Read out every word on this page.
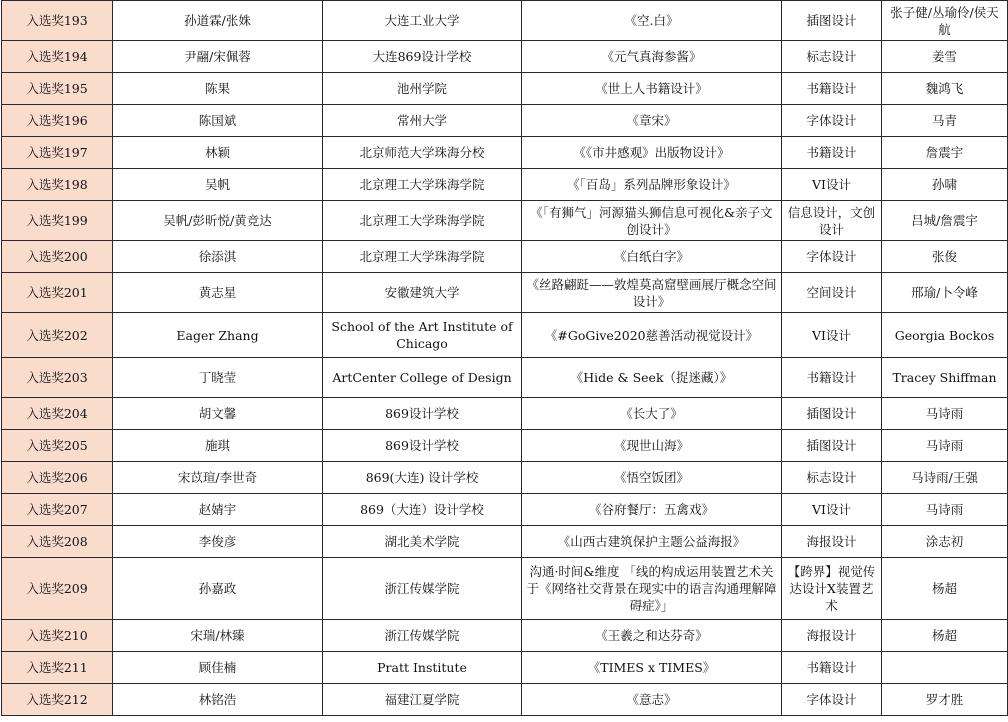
入选奖193	孙道霖/张姝	大连工业大学	《空.白》	插图设计	张子健/丛瑜伶/侯天航
入选奖194	尹翮/宋佩蓉	大连869设计学校	《元气真海参酱》	标志设计	姜雪
入选奖195	陈果	池州学院	《世上人书籍设计》	书籍设计	魏鸿飞
入选奖196	陈国斌	常州大学	《章宋》	字体设计	马青
入选奖197	林颖	北京师范大学珠海分校	《《市井感观》出版物设计》	书籍设计	詹震宇
入选奖198	吴帆	北京理工大学珠海学院	《「百岛」系列品牌形象设计》	VI设计	孙啸
入选奖199	吴帆/彭昕悦/黄竞达	北京理工大学珠海学院	《「有狮气」河源猫头狮信息可视化&亲子文创设计》	信息设计，文创设计	吕城/詹震宇
入选奖200	徐添淇	北京理工大学珠海学院	《白纸白字》	字体设计	张俊
入选奖201	黄志星	安徽建筑大学	《丝路翩跹——敦煌莫高窟壁画展厅概念空间设计》	空间设计	邢瑜/卜令峰
入选奖202	Eager Zhang	School of the Art Institute of Chicago	《#GoGive2020慈善活动视觉设计》	VI设计	Georgia Bockos
入选奖203	丁晓莹	ArtCenter College of Design	《Hide & Seek（捉迷藏）》	书籍设计	Tracey Shiffman
入选奖204	胡文馨	869设计学校	《长大了》	插图设计	马诗雨
入选奖205	施琪	869设计学校	《现世山海》	插图设计	马诗雨
入选奖206	宋苡瑄/李世奇	869(大连) 设计学校	《悟空饭团》	标志设计	马诗雨/王强
入选奖207	赵婧宇	869（大连）设计学校	《谷府餐厅：五禽戏》	VI设计	马诗雨
入选奖208	李俊彦	湖北美术学院	《山西古建筑保护主题公益海报》	海报设计	涂志初
入选奖209	孙嘉政	浙江传媒学院	沟通·时间&维度 「线的构成运用装置艺术关于《网络社交背景在现实中的语言沟通理解障碍症》」	【跨界】视觉传达设计X装置艺术	杨超
入选奖210	宋瑞/林臻	浙江传媒学院	《王羲之和达芬奇》	海报设计	杨超
入选奖211	顾佳楠	Pratt Institute	《TIMES x TIMES》	书籍设计	
入选奖212	林铭浩	福建江夏学院	《意志》	字体设计	罗才胜
